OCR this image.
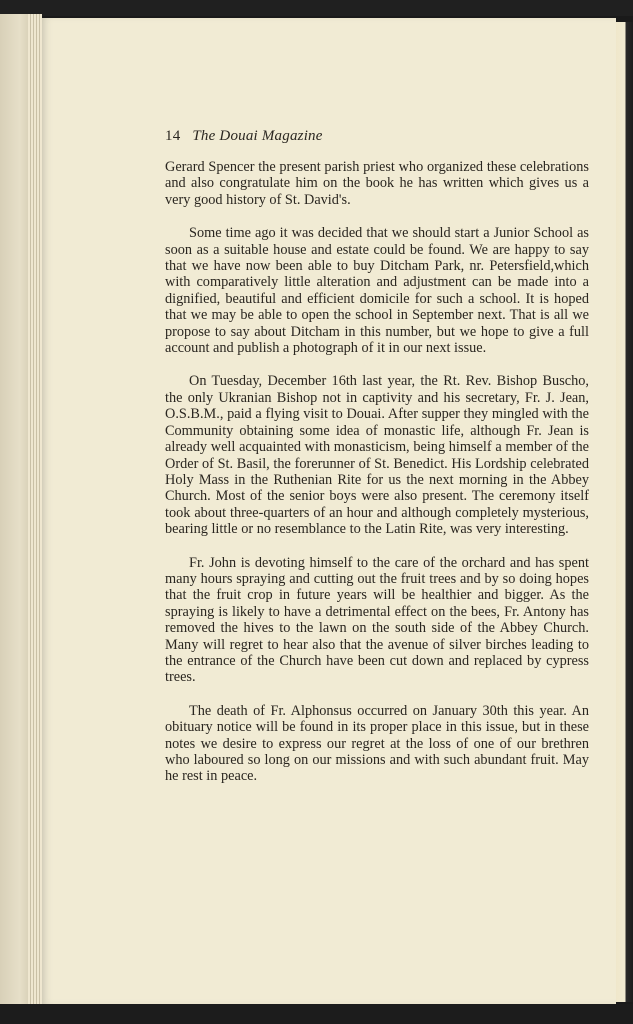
14 The Douai Magazine

Gerard Spencer the present parish priest who organized these celebrations and also congratulate him on the book he has written which gives us a very good history of St. David's.

Some time ago it was decided that we should start a Junior School as soon as a suitable house and estate could be found. We are happy to say that we have now been able to buy Ditcham Park, nr. Petersfield,which with comparatively little alteration and adjustment can be made into a dignified, beautiful and efficient domicile for such a school. It is hoped that we may be able to open the school in September next. That is all we propose to say about Ditcham in this number, but we hope to give a full account and publish a photograph of it in our next issue.

On Tuesday, December 16th last year, the Rt. Rev. Bishop Buscho, the only Ukranian Bishop not in captivity and his secretary, Fr. J. Jean, O.S.B.M., paid a flying visit to Douai. After supper they mingled with the Community obtaining some idea of monastic life, although Fr. Jean is already well acquainted with monasticism, being himself a member of the Order of St. Basil, the forerunner of St. Benedict. His Lordship celebrated Holy Mass in the Ruthenian Rite for us the next morning in the Abbey Church. Most of the senior boys were also present. The ceremony itself took about three-quarters of an hour and although completely mysterious, bearing little or no resemblance to the Latin Rite, was very interesting.

Fr. John is devoting himself to the care of the orchard and has spent many hours spraying and cutting out the fruit trees and by so doing hopes that the fruit crop in future years will be healthier and bigger. As the spraying is likely to have a detrimental effect on the bees, Fr. Antony has removed the hives to the lawn on the south side of the Abbey Church. Many will regret to hear also that the avenue of silver birches leading to the entrance of the Church have been cut down and replaced by cypress trees.

The death of Fr. Alphonsus occurred on January 30th this year. An obituary notice will be found in its proper place in this issue, but in these notes we desire to express our regret at the loss of one of our brethren who laboured so long on our missions and with such abundant fruit. May he rest in peace.
